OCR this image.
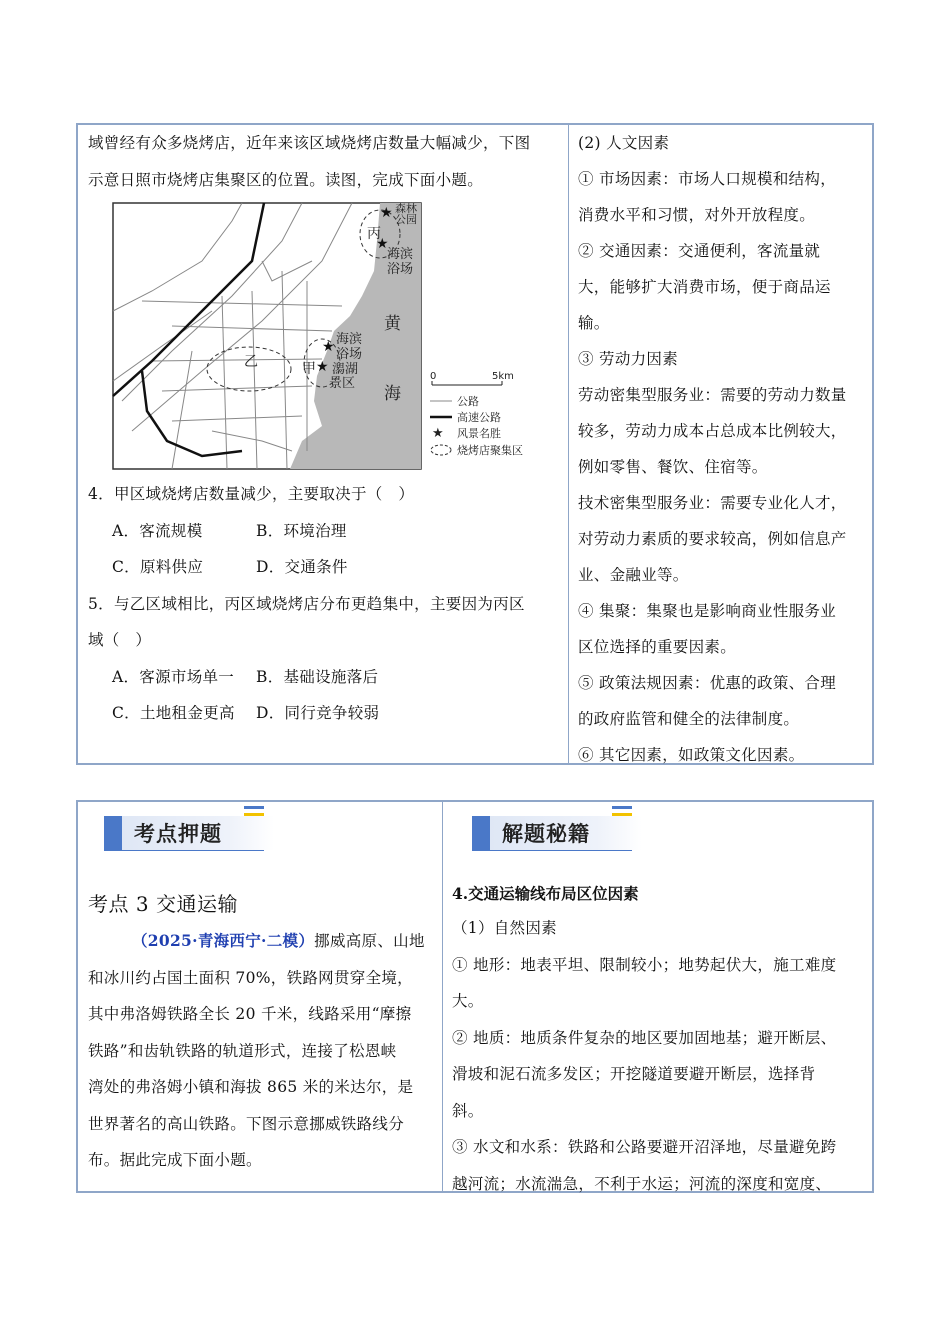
域曾经有众多烧烤店，近年来该区域烧烤店数量大幅减少，下图

示意日照市烧烤店集聚区的位置。读图，完成下面小题。

★
★
★
★
森林
公园
丙
海滨
浴场
黄
海
海滨
浴场
潟湖
景区
甲
乙
0	5km
公路
高速公路
★ 风景名胜
烧烤店聚集区

4．甲区域烧烤店数量减少，主要取决于（　）

A．客流规模	B．环境治理

C．原料供应	D．交通条件

5．与乙区域相比，丙区域烧烤店分布更趋集中，主要因为丙区

域（　）

A．客源市场单一 B．基础设施落后

C．土地租金更高 D．同行竞争较弱

(2) 人文因素

① 市场因素：市场人口规模和结构，

消费水平和习惯，对外开放程度。

② 交通因素：交通便利，客流量就

大，能够扩大消费市场，便于商品运

输。

③ 劳动力因素

劳动密集型服务业：需要的劳动力数量

较多，劳动力成本占总成本比例较大，

例如零售、餐饮、住宿等。

技术密集型服务业：需要专业化人才，

对劳动力素质的要求较高，例如信息产

业、金融业等。

④ 集聚：集聚也是影响商业性服务业

区位选择的重要因素。

⑤ 政策法规因素：优惠的政策、合理

的政府监管和健全的法律制度。

⑥ 其它因素，如政策文化因素。

考点押题
考点 3 交通运输

（2025·青海西宁·二模）挪威高原、山地

和冰川约占国土面积 70%，铁路网贯穿全境，

其中弗洛姆铁路全长 20 千米，线路采用“摩擦

铁路”和齿轨铁路的轨道形式，连接了松恩峡

湾处的弗洛姆小镇和海拔 865 米的米达尔，是

世界著名的高山铁路。下图示意挪威铁路线分

布。据此完成下面小题。

解题秘籍
4.交通运输线布局区位因素

（1）自然因素

① 地形：地表平坦、限制较小；地势起伏大，施工难度

大。

② 地质：地质条件复杂的地区要加固地基；避开断层、

滑坡和泥石流多发区；开挖隧道要避开断层，选择背

斜。

③ 水文和水系：铁路和公路要避开沼泽地，尽量避免跨

越河流；水流湍急，不利于水运；河流的深度和宽度、
